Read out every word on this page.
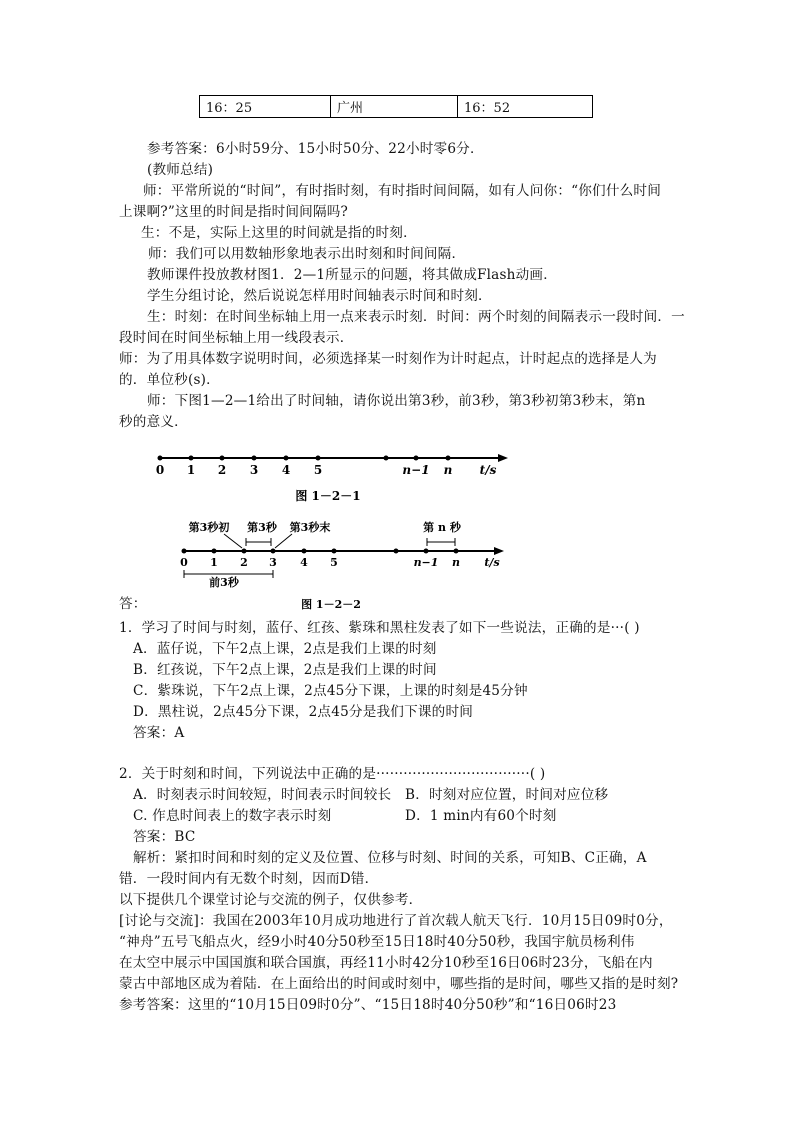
16：25	广州	16：52
参考答案：6小时59分、15小时50分、22小时零6分．
(教师总结)
师：平常所说的“时间”，有时指时刻，有时指时间间隔，如有人问你：“你们什么时间
上课啊?”这里的时间是指时间间隔吗?
生：不是，实际上这里的时间就是指的时刻．
师：我们可以用数轴形象地表示出时刻和时间间隔．
教师课件投放教材图1．2—1所显示的问题，将其做成Flash动画．
学生分组讨论，然后说说怎样用时间轴表示时间和时刻．
生：时刻：在时间坐标轴上用一点来表示时刻．时间：两个时刻的间隔表示一段时间．一
段时间在时间坐标轴上用一线段表示．
师：为了用具体数字说明时间，必须选择某一时刻作为计时起点，计时起点的选择是人为
的．单位秒(s)．
师：下图1—2—1给出了时间轴，请你说出第3秒，前3秒，第3秒初第3秒末，第n
秒的意义．
0 1 2 3 4 5	n−1 n t/s
图 1－2－1
第3秒初 第3秒 第3秒末	第 n 秒
0 1 2 3 4 5	n−1 n t/s
前3秒
图 1－2－2
答：
1．学习了时间与时刻，蓝仔、红孩、紫珠和黑柱发表了如下一些说法，正确的是···( )
A．蓝仔说，下午2点上课，2点是我们上课的时刻
B．红孩说，下午2点上课，2点是我们上课的时间
C．紫珠说，下午2点上课，2点45分下课，上课的时刻是45分钟
D．黑柱说，2点45分下课，2点45分是我们下课的时间
答案：A
2．关于时刻和时间，下列说法中正确的是··································( )
A．时刻表示时间较短，时间表示时间较长 B．时刻对应位置，时间对应位移
C. 作息时间表上的数字表示时刻	D．1 min内有60个时刻
答案：BC
解析：紧扣时间和时刻的定义及位置、位移与时刻、时间的关系，可知B、C正确，A
错．一段时间内有无数个时刻，因而D错．
以下提供几个课堂讨论与交流的例子，仅供参考．
[讨论与交流]：我国在2003年10月成功地进行了首次载人航天飞行．10月15日09时0分，
“神舟”五号飞船点火，经9小时40分50秒至15日18时40分50秒，我国宇航员杨利伟
在太空中展示中国国旗和联合国旗，再经11小时42分10秒至16日06时23分，飞船在内
蒙古中部地区成为着陆．在上面给出的时间或时刻中，哪些指的是时间，哪些又指的是时刻?
参考答案：这里的“10月15日09时0分”、“15日18时40分50秒”和“16日06时23
